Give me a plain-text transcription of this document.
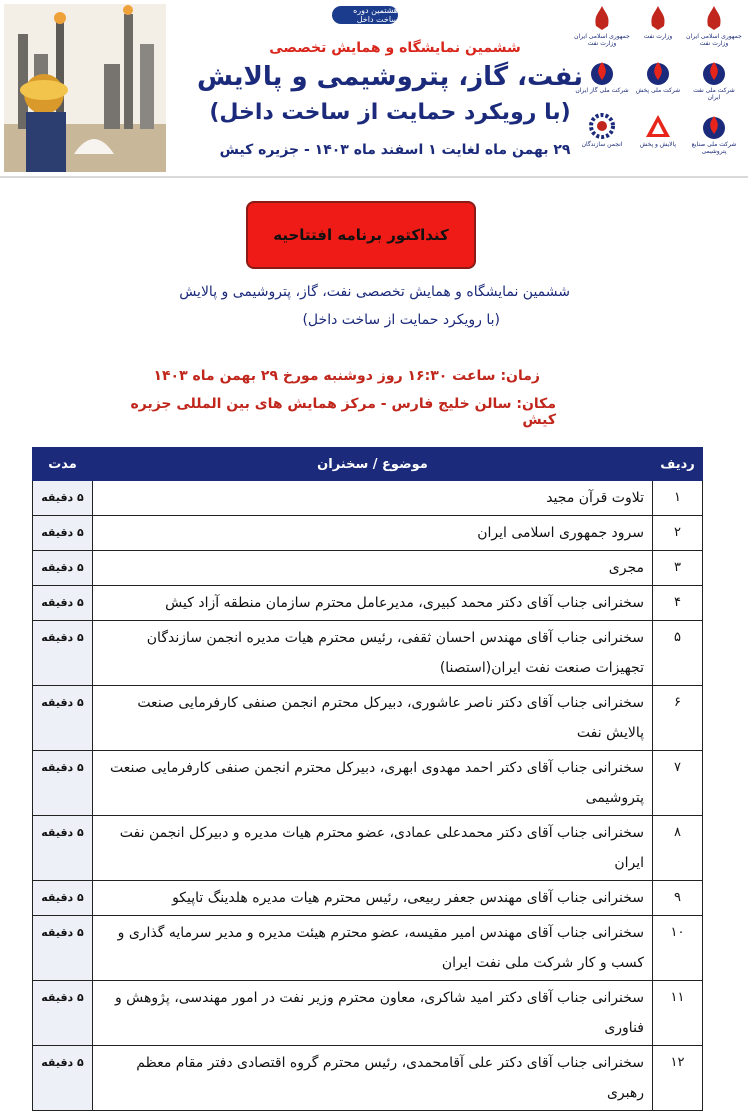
هشتمین دوره ساخت داخل
ششمین نمایشگاه و همایش تخصصی
نفت، گاز، پتروشیمی و پالایش
(با رویکرد حمایت از ساخت داخل)
۲۹ بهمن ماه لغایت ۱ اسفند ماه ۱۴۰۳ - جزیره کیش
جمهوری اسلامی ایران وزارت نفت
وزارت نفت
جمهوری اسلامی ایران وزارت نفت
شرکت ملی نفت ایران
شرکت ملی پخش
شرکت ملی گاز ایران
شرکت ملی صنایع پتروشیمی
پالایش و پخش
انجمن سازندگان
کنداکتور برنامه افتتاحیه
ششمین نمایشگاه و همایش تخصصی نفت، گاز، پتروشیمی و پالایش
(با رویکرد حمایت از ساخت داخل)
زمان: ساعت ۱۶:۳۰ روز دوشنبه مورخ ۲۹ بهمن ماه ۱۴۰۳
مکان: سالن خلیج فارس - مرکز همایش های بین المللی جزیره کیش
ردیف	موضوع / سخنران	مدت
۱	تلاوت قرآن مجید	۵ دقیقه
۲	سرود جمهوری اسلامی ایران	۵ دقیقه
۳	مجری	۵ دقیقه
۴	سخنرانی جناب آقای دکتر محمد کبیری، مدیرعامل محترم سازمان منطقه آزاد کیش	۵ دقیقه
۵	سخنرانی جناب آقای مهندس احسان ثقفی، رئیس محترم هیات مدیره انجمن سازندگان تجهیزات صنعت نفت ایران(استصنا)	۵ دقیقه
۶	سخنرانی جناب آقای دکتر ناصر عاشوری، دبیرکل محترم انجمن صنفی کارفرمایی صنعت پالایش نفت	۵ دقیقه
۷	سخنرانی جناب آقای دکتر احمد مهدوی ابهری، دبیرکل محترم انجمن صنفی کارفرمایی صنعت پتروشیمی	۵ دقیقه
۸	سخنرانی جناب آقای دکتر محمدعلی عمادی، عضو محترم هیات مدیره و دبیرکل انجمن نفت ایران	۵ دقیقه
۹	سخنرانی جناب آقای مهندس جعفر ربیعی، رئیس محترم هیات مدیره هلدینگ تاپیکو	۵ دقیقه
۱۰	سخنرانی جناب آقای مهندس امیر مقیسه، عضو محترم هیئت مدیره و مدیر سرمایه گذاری و کسب و کار شرکت ملی نفت ایران	۵ دقیقه
۱۱	سخنرانی جناب آقای دکتر امید شاکری، معاون محترم وزیر نفت در امور مهندسی، پژوهش و فناوری	۵ دقیقه
۱۲	سخنرانی جناب آقای دکتر علی آقامحمدی، رئیس محترم گروه اقتصادی دفتر مقام معظم رهبری	۵ دقیقه
